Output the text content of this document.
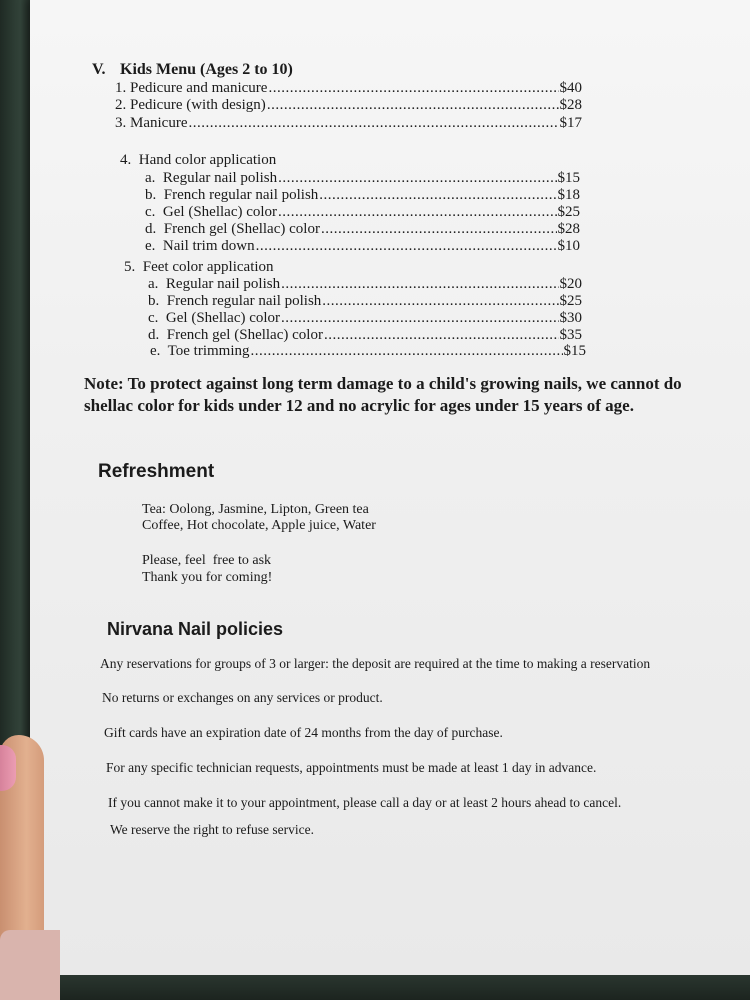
V. Kids Menu (Ages 2 to 10)
1. Pedicure and manicure .....	$40
2. Pedicure (with design) .....	$28
3. Manicure .....	$17
4.  Hand color application
a. Regular nail polish .....	$15
b. French regular nail polish .....	$18
c. Gel (Shellac) color .....	$25
d. French gel (Shellac) color .....	$28
e. Nail trim down .....	$10
5.  Feet color application
a. Regular nail polish .....	$20
b. French regular nail polish .....	$25
c. Gel (Shellac) color .....	$30
d. French gel (Shellac) color .....	$35
e. Toe trimming .....	$15
Note: To protect against long term damage to a child's growing nails, we cannot do
shellac color for kids under 12 and no acrylic for ages under 15 years of age.
Refreshment
Tea: Oolong, Jasmine, Lipton, Green tea
Coffee, Hot chocolate, Apple juice, Water
Please, feel  free to ask
Thank you for coming!
Nirvana Nail policies
Any reservations for groups of 3 or larger: the deposit are required at the time to making a reservation
No returns or exchanges on any services or product.
Gift cards have an expiration date of 24 months from the day of purchase.
For any specific technician requests, appointments must be made at least 1 day in advance.
If you cannot make it to your appointment, please call a day or at least 2 hours ahead to cancel.
We reserve the right to refuse service.
